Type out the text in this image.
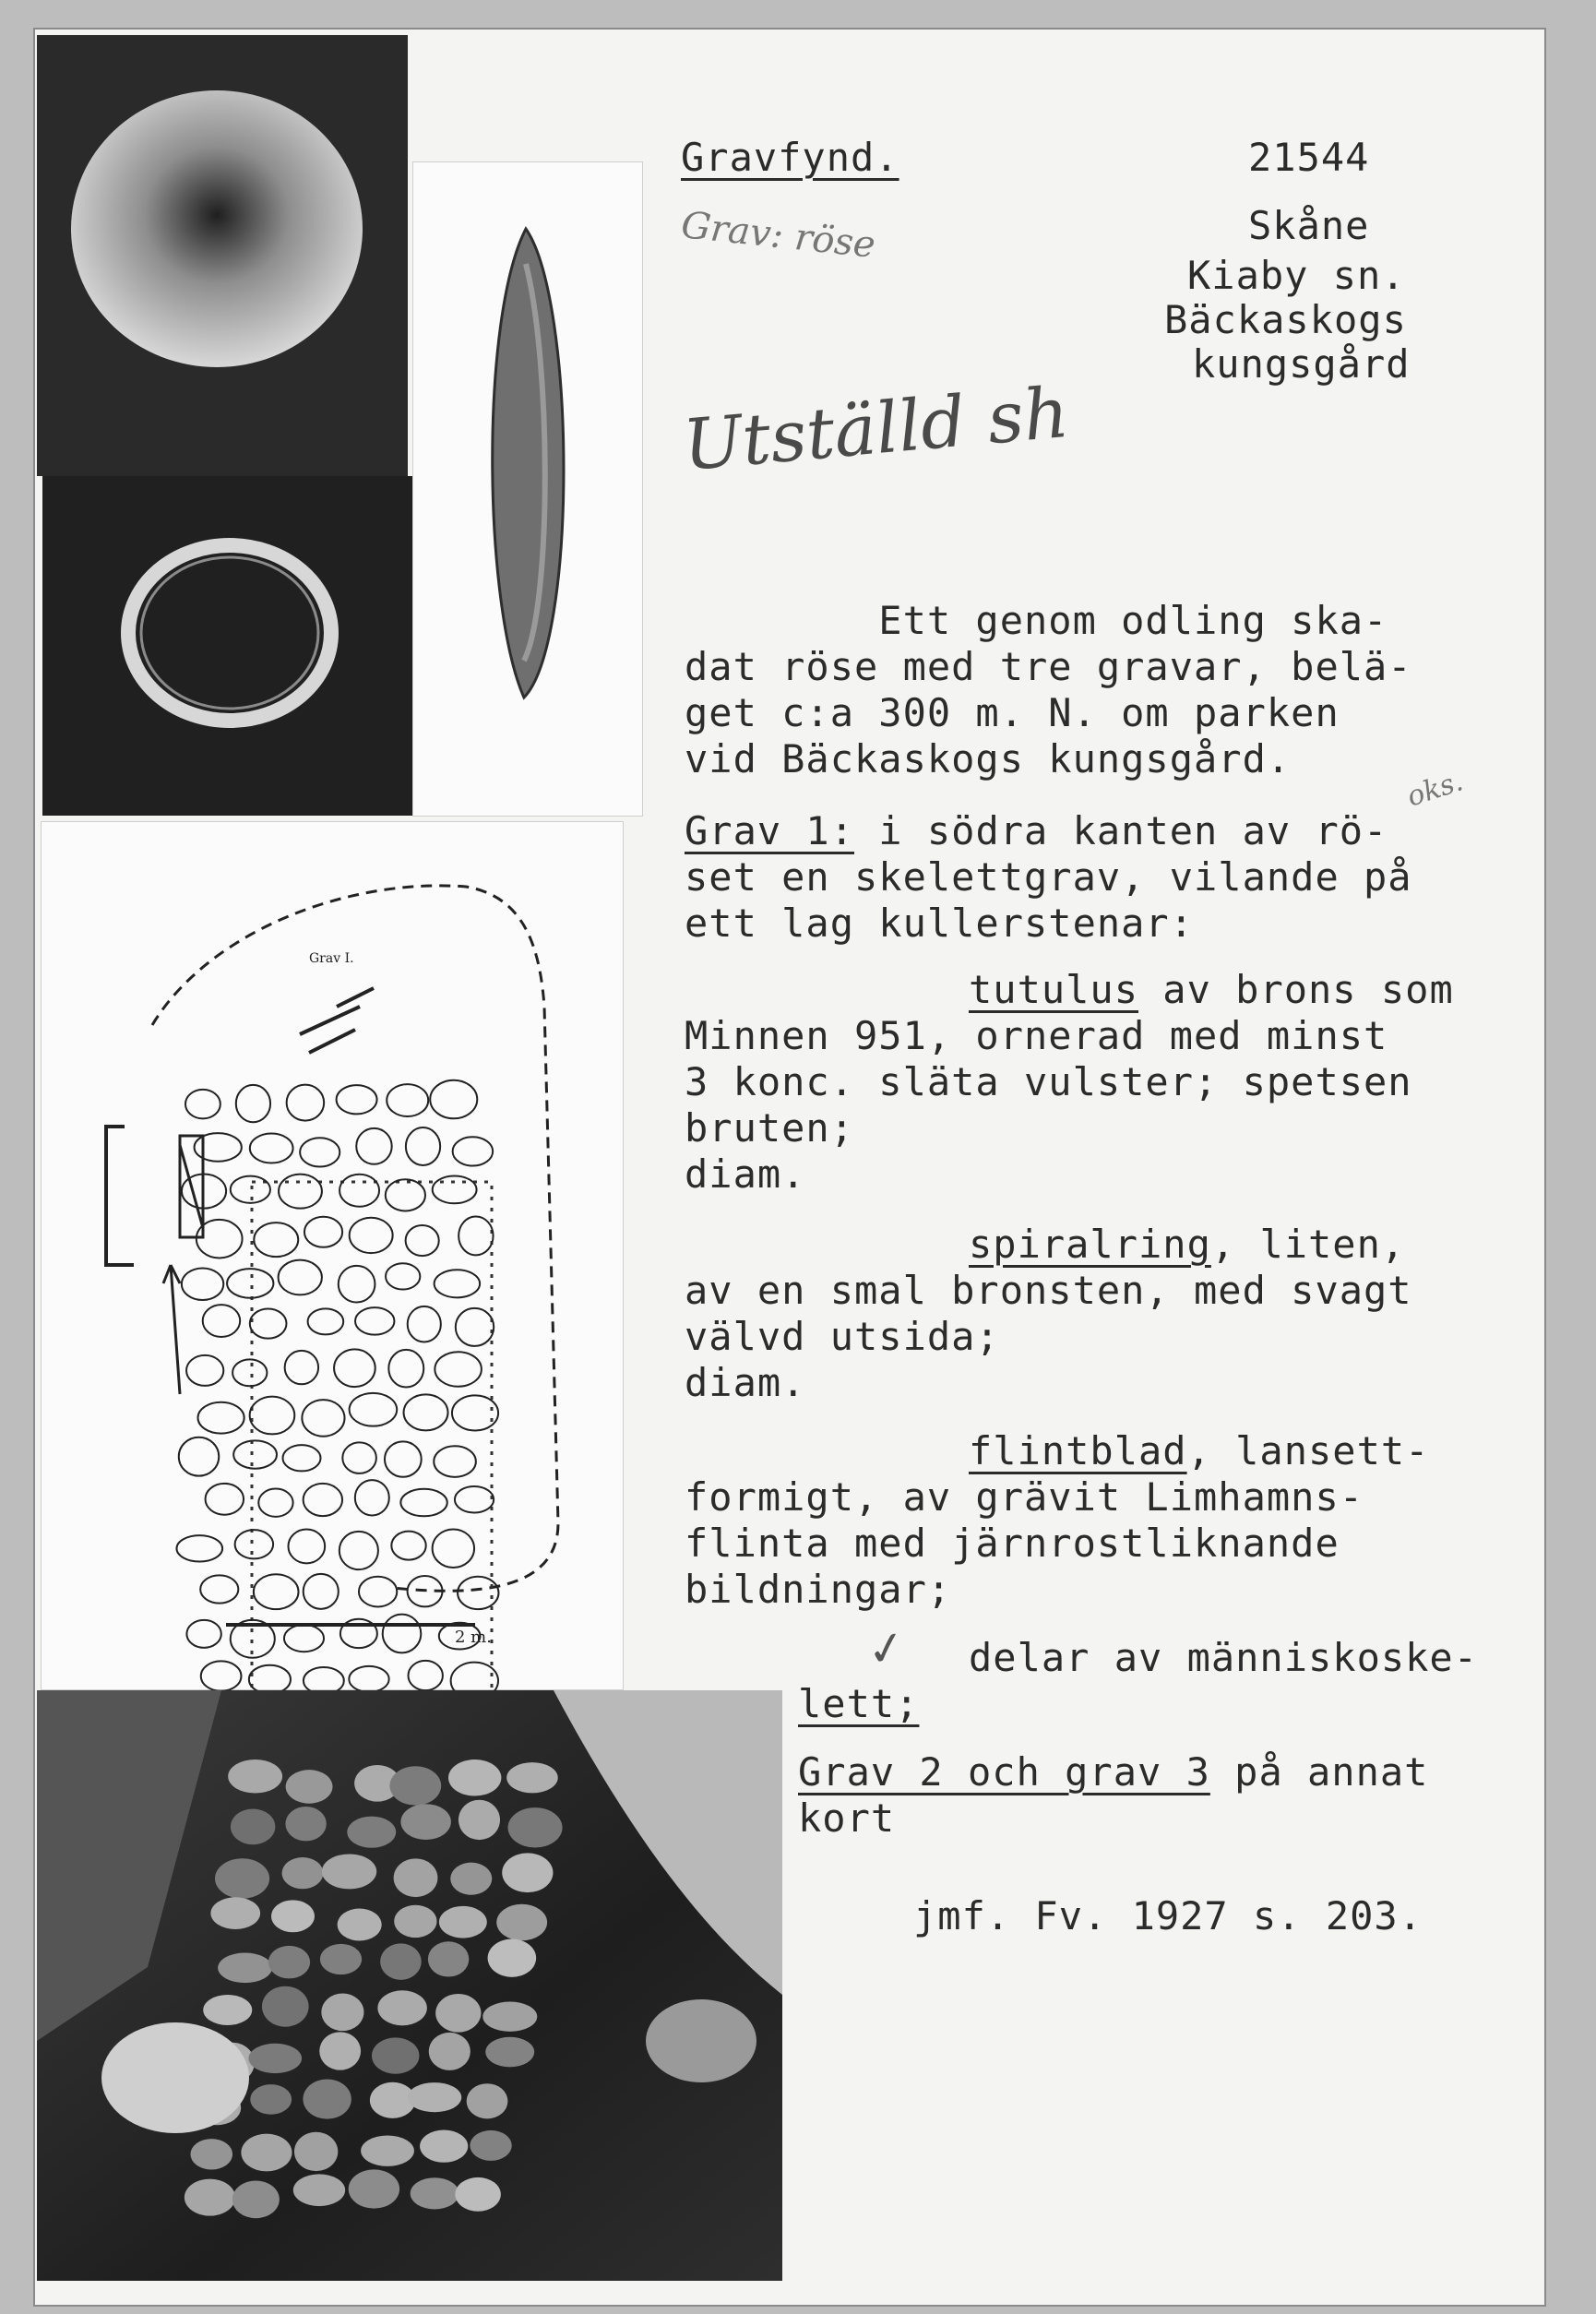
Grav I.
2 m.
Gravfynd.	21544
Grav: röse	Skåne
Kiaby sn.
Bäckaskogs
kungsgård
Utställd sh
Ett genom odling ska-
dat röse med tre gravar, belä-
get c:a 300 m. N. om parken
vid Bäckaskogs kungsgård.
oks.
Grav 1: i södra kanten av rö-
set en skelettgrav, vilande på
ett lag kullerstenar:
tutulus av brons som
Minnen 951, ornerad med minst
3 konc. släta vulster; spetsen
bruten;
diam.
spiralring, liten,
av en smal bronsten, med svagt
välvd utsida;
diam.
flintblad, lansett-
formigt, av grävit Limhamns-
flinta med järnrostliknande
bildningar;
✓ delar av människoske-
lett;
Grav 2 och grav 3 på annat
kort
jmf. Fv. 1927 s. 203.
